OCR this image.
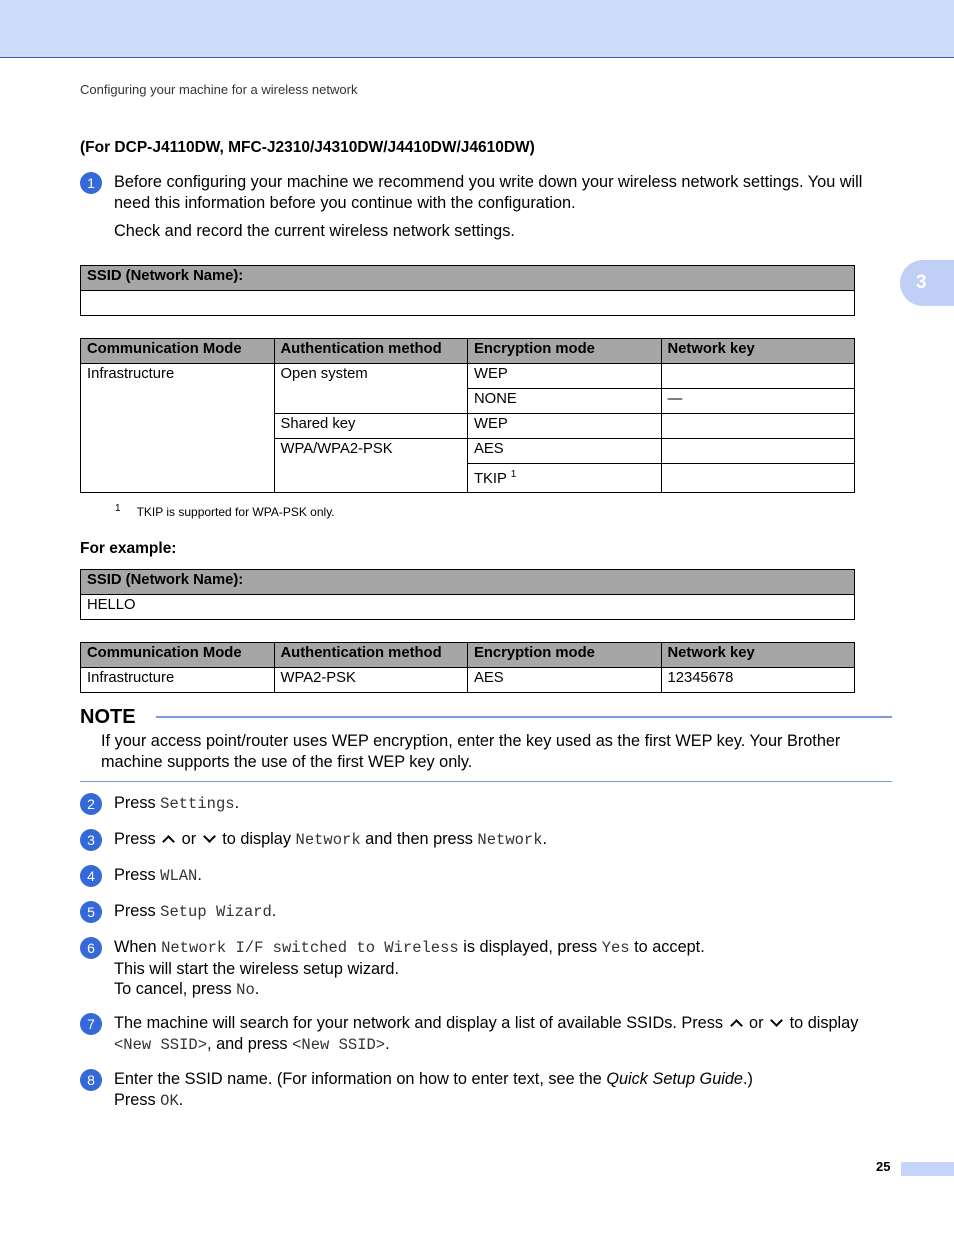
Configuring your machine for a wireless network
3
(For DCP-J4110DW, MFC-J2310/J4310DW/J4410DW/J4610DW)
1	Before configuring your machine we recommend you write down your wireless network settings. You will need this information before you continue with the configuration.
Check and record the current wireless network settings.
SSID (Network Name):

Communication Mode	Authentication method	Encryption mode	Network key
Infrastructure	Open system	WEP	
		NONE	—
	Shared key	WEP	
	WPA/WPA2-PSK	AES	
		TKIP $^1$	
$^1$ TKIP is supported for WPA-PSK only.
For example:
SSID (Network Name):
HELLO
Communication Mode	Authentication method	Encryption mode	Network key
Infrastructure	WPA2-PSK	AES	12345678
NOTE
If your access point/router uses WEP encryption, enter the key used as the first WEP key. Your Brother machine supports the use of the first WEP key only.
2	Press Settings.
3	Press  or  to display Network and then press Network.
4	Press WLAN.
5	Press Setup Wizard.
6	When Network I/F switched to Wireless is displayed, press Yes to accept.
This will start the wireless setup wizard.
To cancel, press No.
7	The machine will search for your network and display a list of available SSIDs. Press  or  to display
<New SSID>, and press <New SSID>.
8	Enter the SSID name. (For information on how to enter text, see the Quick Setup Guide.)
Press OK.
25
